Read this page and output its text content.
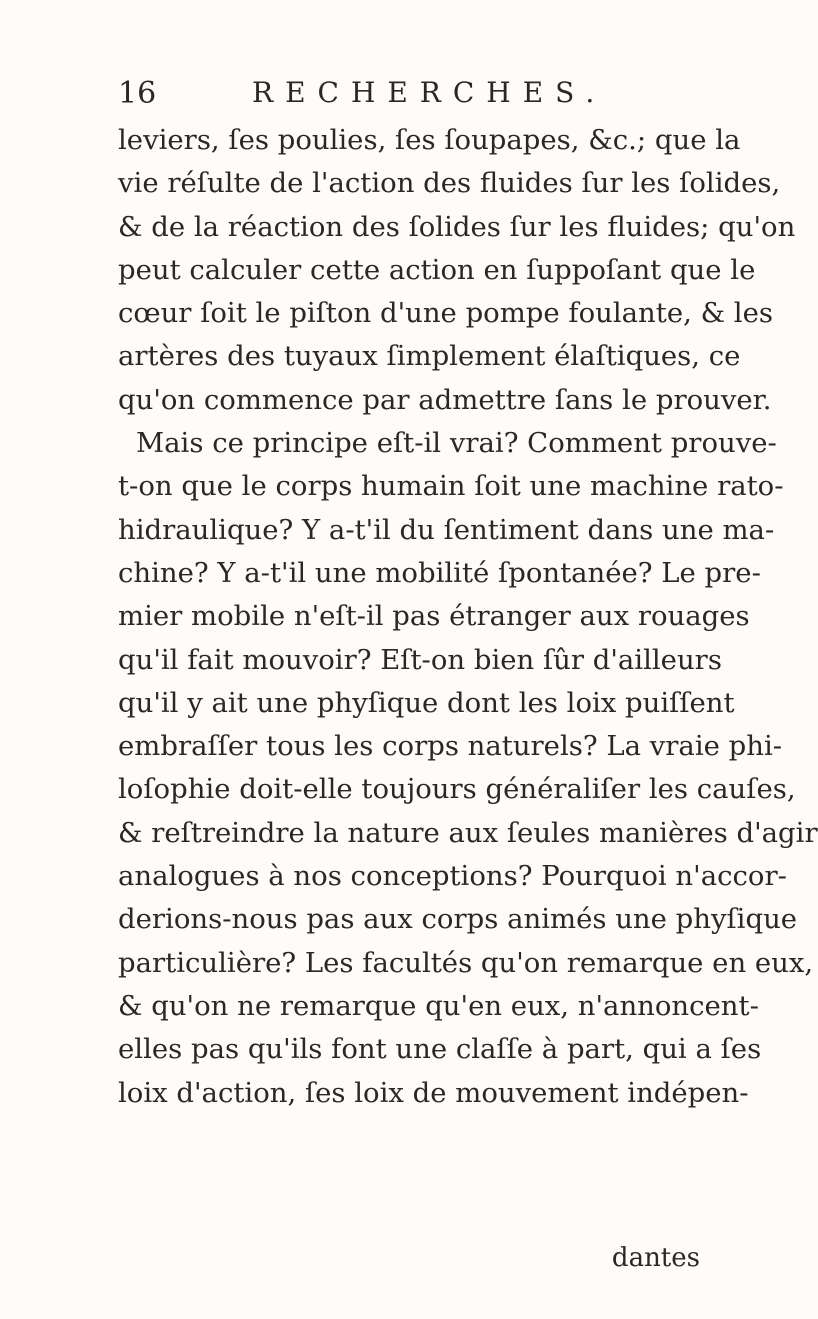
16	RECHERCHES.
leviers, ſes poulies, ſes ſoupapes, &c.; que la
vie réſulte de l'action des fluides ſur les ſolides,
& de la réaction des ſolides ſur les fluides; qu'on
peut calculer cette action en ſuppoſant que le
cœur ſoit le piſton d'une pompe foulante, & les
artères des tuyaux ſimplement élaſtiques, ce
qu'on commence par admettre ſans le prouver.
Mais ce principe eſt-il vrai? Comment prouve-
t-on que le corps humain ſoit une machine rato-
hidraulique? Y a-t'il du ſentiment dans une ma-
chine? Y a-t'il une mobilité ſpontanée? Le pre-
mier mobile n'eſt-il pas étranger aux rouages
qu'il fait mouvoir? Eſt-on bien ſûr d'ailleurs
qu'il y ait une phyſique dont les loix puiſſent
embraſſer tous les corps naturels? La vraie phi-
loſophie doit-elle toujours généraliſer les cauſes,
& reſtreindre la nature aux ſeules manières d'agir
analogues à nos conceptions? Pourquoi n'accor-
derions-nous pas aux corps animés une phyſique
particulière? Les facultés qu'on remarque en eux,
& qu'on ne remarque qu'en eux, n'annoncent-
elles pas qu'ils font une claſſe à part, qui a ſes
loix d'action, ſes loix de mouvement indépen-
dantes
